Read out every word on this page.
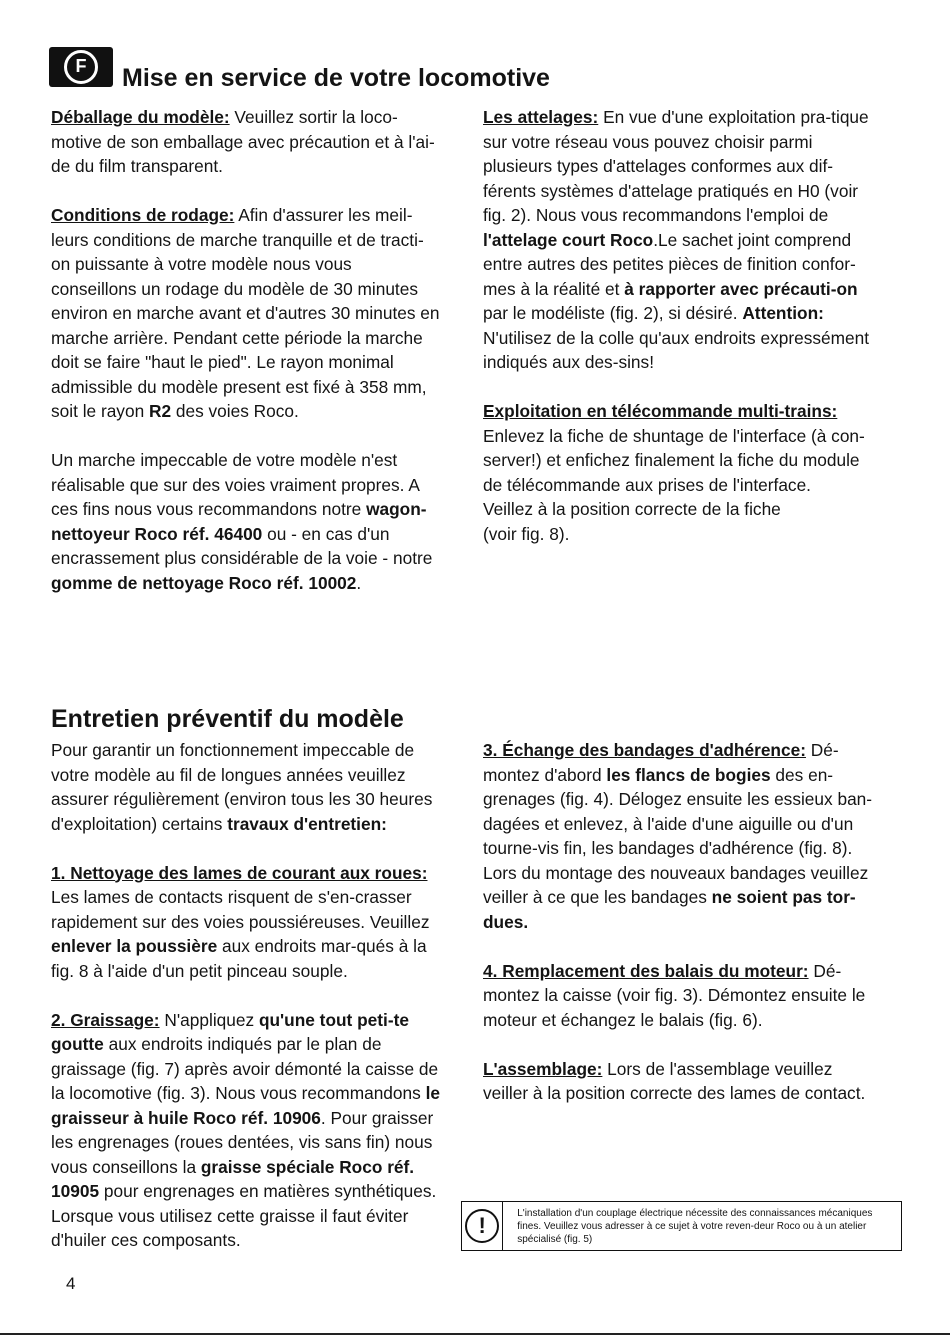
F	Mise en service de votre locomotive

Déballage du modèle: Veuillez sortir la loco-motive de son emballage avec précaution et à l'ai-de du film transparent.

Conditions de rodage: Afin d'assurer les meil-leurs conditions de marche tranquille et de tracti-on puissante à votre modèle nous vous conseillons un rodage du modèle de 30 minutes environ en marche avant et d'autres 30 minutes en marche arrière. Pendant cette période la marche doit se faire "haut le pied". Le rayon monimal admissible du modèle present est fixé à 358 mm, soit le rayon R2 des voies Roco.

Un marche impeccable de votre modèle n'est réalisable que sur des voies vraiment propres. A ces fins nous vous recommandons notre wagon-nettoyeur Roco réf. 46400 ou - en cas d'un encrassement plus considérable de la voie - notre gomme de nettoyage Roco réf. 10002.

Les attelages: En vue d'une exploitation pra-tique sur votre réseau vous pouvez choisir parmi plusieurs types d'attelages conformes aux dif-férents systèmes d'attelage pratiqués en H0 (voir fig. 2). Nous vous recommandons l'emploi de l'attelage court Roco.Le sachet joint comprend entre autres des petites pièces de finition confor-mes à la réalité et à rapporter avec précauti-on par le modéliste (fig. 2), si désiré. Attention: N'utilisez de la colle qu'aux endroits expressément indiqués aux des-sins!

Exploitation en télécommande multi-trains:
Enlevez la fiche de shuntage de l'interface (à con-server!) et enfichez finalement la fiche du module de télécommande aux prises de l'interface.
Veillez à la position correcte de la fiche
(voir fig. 8).

Entretien préventif du modèle

Pour garantir un fonctionnement impeccable de votre modèle au fil de longues années veuillez assurer régulièrement (environ tous les 30 heures d'exploitation) certains travaux d'entretien:

1. Nettoyage des lames de courant aux roues: Les lames de contacts risquent de s'en-crasser rapidement sur des voies poussiéreuses. Veuillez enlever la poussière aux endroits mar-qués à la fig. 8 à l'aide d'un petit pinceau souple.

2. Graissage: N'appliquez qu'une tout peti-te goutte aux endroits indiqués par le plan de graissage (fig. 7) après avoir démonté la caisse de la locomotive (fig. 3). Nous vous recommandons le graisseur à huile Roco réf. 10906. Pour graisser les engrenages (roues dentées, vis sans fin) nous vous conseillons la graisse spéciale Roco réf. 10905 pour engrenages en matières synthétiques. Lorsque vous utilisez cette graisse il faut éviter d'huiler ces composants.

3. Échange des bandages d'adhérence: Dé- montez d'abord les flancs de bogies des en-grenages (fig. 4). Délogez ensuite les essieux ban-dagées et enlevez, à l'aide d'une aiguille ou d'un tourne-vis fin, les bandages d'adhérence (fig. 8). Lors du montage des nouveaux bandages veuillez veiller à ce que les bandages ne soient pas tor-dues.

4. Remplacement des balais du moteur: Dé-montez la caisse (voir fig. 3). Démontez ensuite le moteur et échangez le balais (fig. 6).

L'assemblage: Lors de l'assemblage veuillez veiller à la position correcte des lames de contact.

!	L'installation d'un couplage électrique nécessite des connaissances mécaniques fines. Veuillez vous adresser à ce sujet à votre reven-deur Roco ou à un atelier spécialisé (fig. 5)
4
